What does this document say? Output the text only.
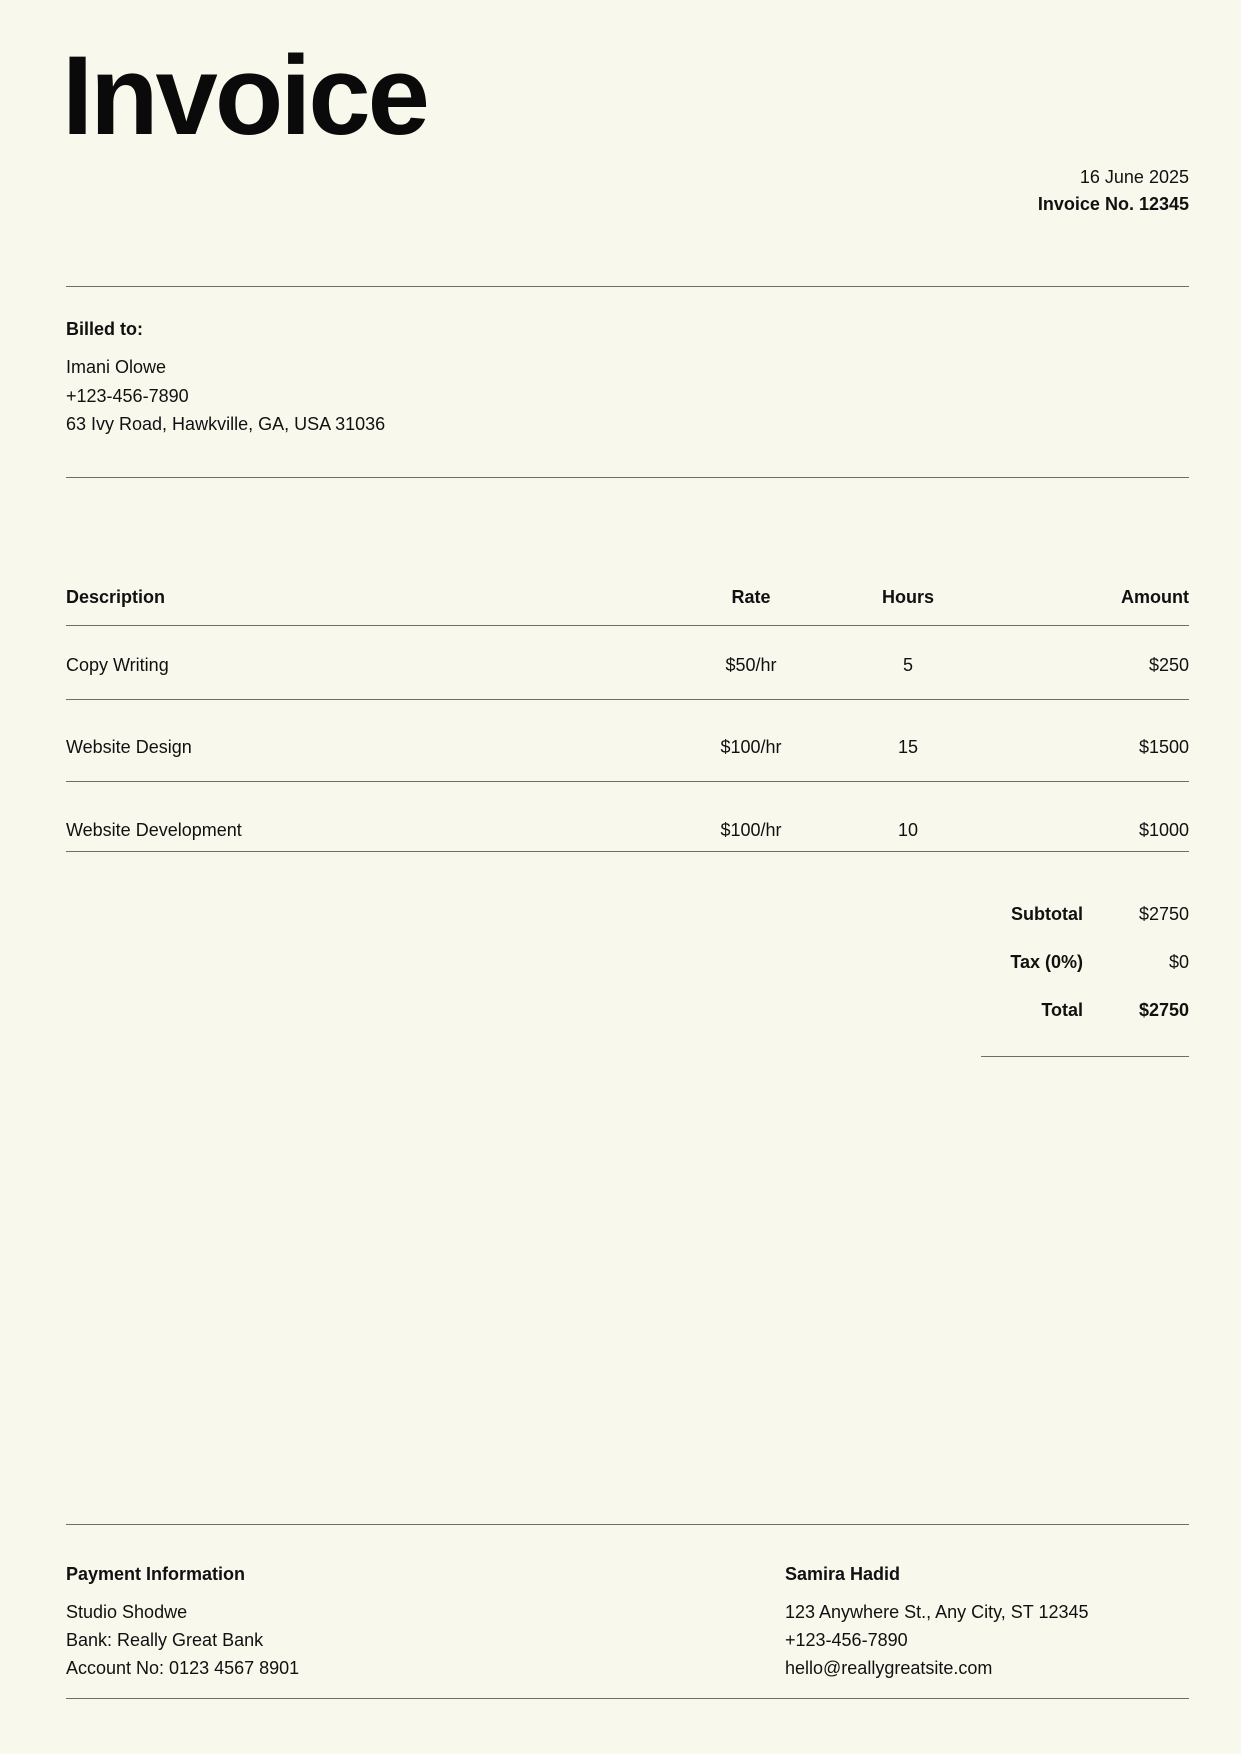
Invoice
16 June 2025
Invoice No. 12345
Billed to:
Imani Olowe
+123-456-7890
63 Ivy Road, Hawkville, GA, USA 31036
Description	Rate	Hours	Amount
Copy Writing	$50/hr	5	$250
Website Design	$100/hr	15	$1500
Website Development	$100/hr	10	$1000
Subtotal	$2750
Tax (0%)	$0
Total	$2750
Payment Information
Studio Shodwe
Bank: Really Great Bank
Account No: 0123 4567 8901
Samira Hadid
123 Anywhere St., Any City, ST 12345
+123-456-7890
hello@reallygreatsite.com
